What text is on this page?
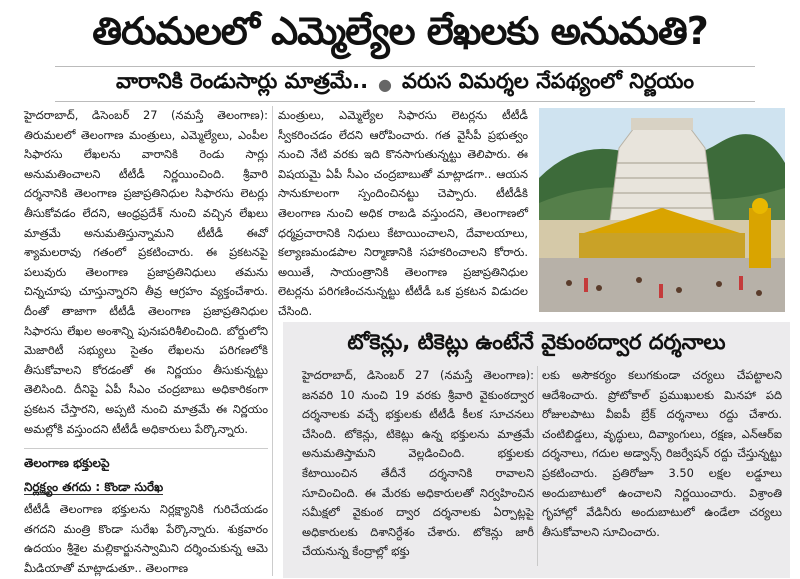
తిరుమలలో ఎమ్మెల్యేల లేఖలకు అనుమతి?
వారానికి రెండుసార్లు మాత్రమే.. ● వరుస విమర్శల నేపథ్యంలో నిర్ణయం

హైదరాబాద్, డిసెంబర్ 27 (నమస్తే తెలంగాణ): తిరుమలలో తెలంగాణ మంత్రులు, ఎమ్మెల్యేలు, ఎంపీల సిఫారసు లేఖలను వారానికి రెండు సార్లు అనుమతించాలని టీటీడీ నిర్ణయించింది. శ్రీవారి దర్శనానికి తెలంగాణ ప్రజాప్రతినిధుల సిఫారసు లెటర్లు తీసుకోవడం లేదని, ఆంధ్రప్రదేశ్ నుంచి వచ్చిన లేఖలు మాత్రమే అనుమతిస్తున్నామని టీటీడీ ఈవో శ్యామలరావు గతంలో ప్రకటించారు. ఈ ప్రకటనపై పలువురు తెలంగాణ ప్రజాప్రతినిధులు తమను చిన్నచూపు చూస్తున్నారని తీవ్ర ఆగ్రహం వ్యక్తంచేశారు. దీంతో తాజాగా టీటీడీ తెలంగాణ ప్రజాప్రతినిధుల సిఫారసు లేఖల అంశాన్ని పునఃపరిశీలించింది. బోర్డులోని మెజారిటీ సభ్యులు సైతం లేఖలను పరిగణలోకి తీసుకోవాలని కోరడంతో ఈ నిర్ణయం తీసుకున్నట్టు తెలిసింది. దీనిపై ఏపీ సీఎం చంద్రబాబు అధికారికంగా ప్రకటన చేస్తారని, అప్పటి నుంచి మాత్రమే ఈ నిర్ణయం అమల్లోకి వస్తుందని టీటీడీ అధికారులు పేర్కొన్నారు.

మంత్రులు, ఎమ్మెల్యేల సిఫారసు లెటర్లను టీటీడీ స్వీకరించడం లేదని ఆరోపించారు. గత వైసీపీ ప్రభుత్వం నుంచి నేటి వరకు ఇది కొనసాగుతున్నట్టు తెలిపారు. ఈ విషయమై ఏపీ సీఎం చంద్రబాబుతో మాట్లాడగా.. ఆయన సానుకూలంగా స్పందించినట్టు చెప్పారు. టీటీడీకి తెలంగాణ నుంచి అధిక రాబడి వస్తుందని, తెలంగాణలో ధర్మప్రచారానికి నిధులు కేటాయించాలని, దేవాలయాలు, కల్యాణమండపాల నిర్మాణానికి సహకరించాలని కోరారు. అయితే, సాయంత్రానికి తెలంగాణ ప్రజాప్రతినిధుల లెటర్లను పరిగణించనున్నట్టు టీటీడీ ఒక ప్రకటన విడుదల చేసింది.

తెలంగాణ భక్తులపై
నిర్లక్ష్యం తగదు : కొండా సురేఖ

టీటీడీ తెలంగాణ భక్తులను నిర్లక్ష్యానికి గురిచేయడం తగదని మంత్రి కొండా సురేఖ పేర్కొన్నారు. శుక్రవారం ఉదయం శ్రీశైల మల్లికార్జునస్వామిని దర్శించుకున్న ఆమె మీడియాతో మాట్లాడుతూ.. తెలంగాణ

టోకెన్లు, టికెట్లు ఉంటేనే వైకుంఠద్వార దర్శనాలు

హైదరాబాద్, డిసెంబర్ 27 (నమస్తే తెలంగాణ): జనవరి 10 నుంచి 19 వరకు శ్రీవారి వైకుంఠద్వార దర్శనాలకు వచ్చే భక్తులకు టీటీడీ కీలక సూచనలు చేసింది. టోకెన్లు, టికెట్లు ఉన్న భక్తులను మాత్రమే అనుమతిస్తామని వెల్లడించింది. భక్తులకు కేటాయించిన తేదీనే దర్శనానికి రావాలని సూచించింది. ఈ మేరకు అధికారులతో నిర్వహించిన సమీక్షలో వైకుంఠ ద్వార దర్శనాలకు ఏర్పాట్లపై అధికారులకు దిశానిర్దేశం చేశారు. టోకెన్లు జారీ చేయనున్న కేంద్రాల్లో భక్తు

లకు అసౌకర్యం కలుగకుండా చర్యలు చేపట్టాలని ఆదేశించారు. ప్రోటోకాల్ ప్రముఖులకు మినహా పది రోజులపాటు వీఐపీ బ్రేక్ దర్శనాలు రద్దు చేశారు. చంటిబిడ్డలు, వృద్ధులు, దివ్యాంగులు, రక్షణ, ఎన్ఆర్ఐ దర్శనాలు, గదుల అడ్వాన్స్ రిజర్వేషన్ రద్దు చేస్తున్నట్టు ప్రకటించారు. ప్రతిరోజూ 3.50 లక్షల లడ్డూలు అందుబాటులో ఉంచాలని నిర్ణయించారు. విశ్రాంతి గృహాల్లో వేడినీరు అందుబాటులో ఉండేలా చర్యలు తీసుకోవాలని సూచించారు.
